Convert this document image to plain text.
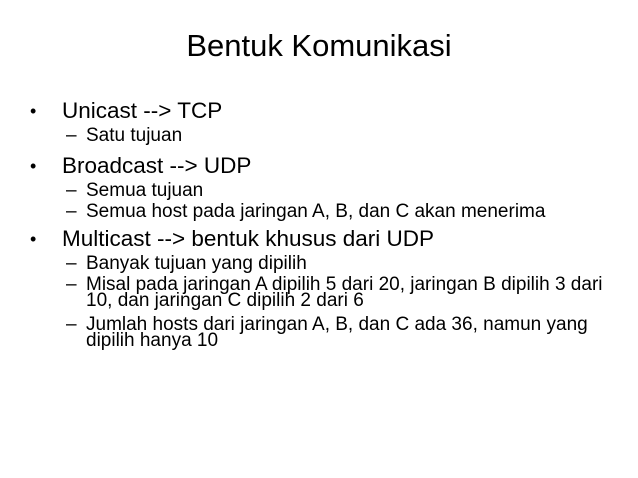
Bentuk Komunikasi
• Unicast --> TCP
– Satu tujuan
• Broadcast --> UDP
– Semua tujuan
– Semua host pada jaringan A, B, dan C akan menerima
• Multicast --> bentuk khusus dari UDP
– Banyak tujuan yang dipilih
– Misal pada jaringan A dipilih 5 dari 20, jaringan B dipilih 3 dari 10, dan jaringan C dipilih 2 dari 6
– Jumlah hosts dari jaringan A, B, dan C ada 36, namun yang dipilih hanya 10
